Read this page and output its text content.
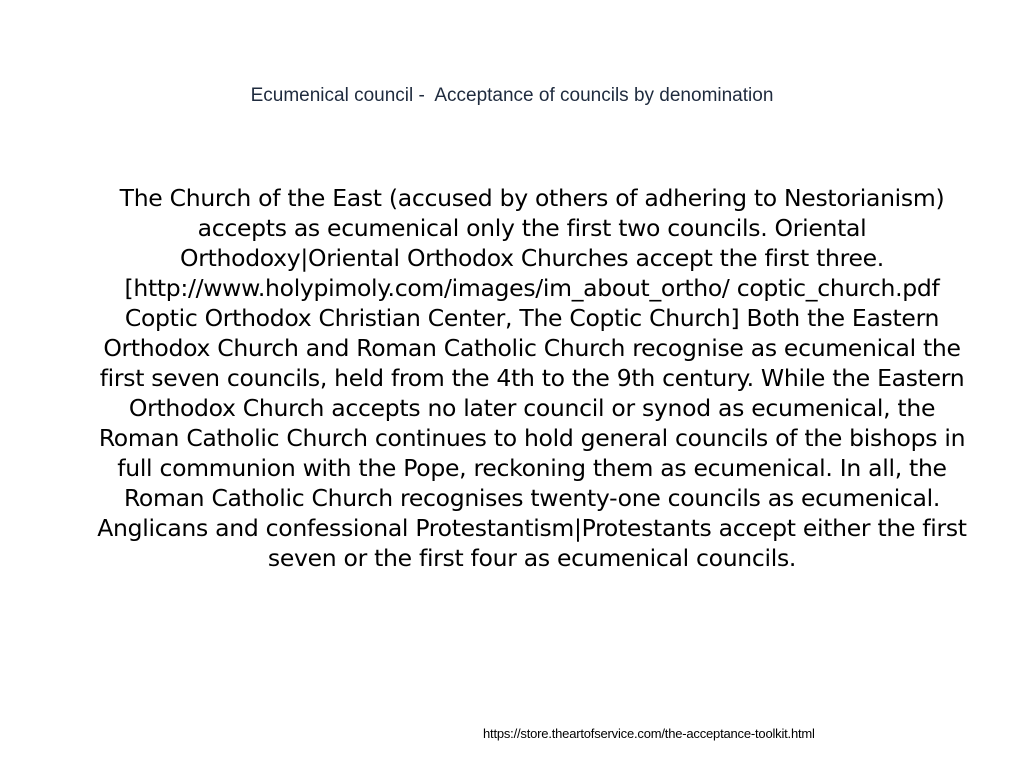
Ecumenical council -  Acceptance of councils by denomination

The Church of the East (accused by others of adhering to Nestorianism) accepts as ecumenical only the first two councils. Oriental Orthodoxy|Oriental Orthodox Churches accept the first three.[http://www.holypimoly.com/images/im_about_ortho/ coptic_church.pdf Coptic Orthodox Christian Center, The Coptic Church] Both the Eastern Orthodox Church and Roman Catholic Church recognise as ecumenical the first seven councils, held from the 4th to the 9th century. While the Eastern Orthodox Church accepts no later council or synod as ecumenical, the Roman Catholic Church continues to hold general councils of the bishops in full communion with the Pope, reckoning them as ecumenical. In all, the Roman Catholic Church recognises twenty-one councils as ecumenical. Anglicans and confessional Protestantism|Protestants accept either the first seven or the first four as ecumenical councils.

https://store.theartofservice.com/the-acceptance-toolkit.html
